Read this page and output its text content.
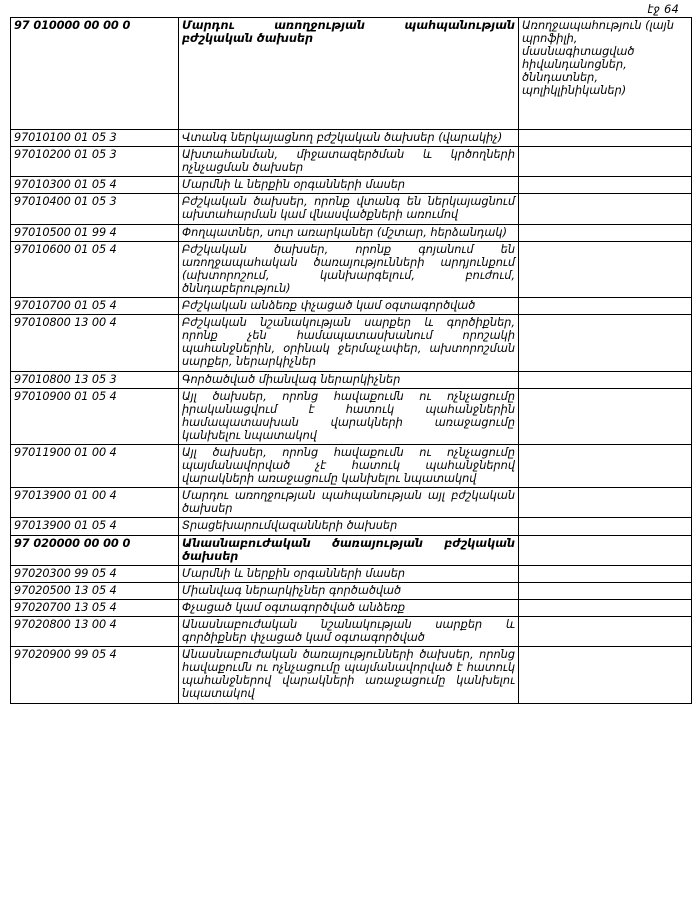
էջ 64
97 010000 00 00 0	Մարդու առողջության պահպանության բժշկական ծախսեր	Առողջապահություն (լայն պրոֆիլի, մասնագիտացված հիվանդանոցներ, ծննդատներ, պոլիկլինիկաներ)
97010100 01 05 3	Վտանգ ներկայացնող բժշկական ծախսեր (վարակիչ)	
97010200 01 05 3	Ախտահանման, միջատազերծման և կրծողների ոչնչացման ծախսեր	
97010300 01 05 4	Մարմնի և ներքին օրգանների մասեր	
97010400 01 05 3	Բժշկական ծախսեր, որոնք վտանգ են ներկայացնում ախտահարման կամ վնասվածքների առումով	
97010500 01 99 4	Փողպատներ, սուր առարկաներ (մշտար, հերձանդակ)	
97010600 01 05 4	Բժշկական ծախսեր, որոնք գոյանում են առողջապահական ծառայությունների արդյունքում (ախտորոշում, կանխարգելում, բուժում, ծննդաբերություն)	
97010700 01 05 4	Բժշկական անձեռք փչացած կամ օգտագործված	
97010800 13 00 4	Բժշկական նշանակության սարքեր և գործիքներ, որոնք չեն համապատասխանում որոշակի պահանջներին, օրինակ ջերմաչափեր, ախտորոշման սարքեր, ներարկիչներ	
97010800 13 05 3	Գործածված միանվագ ներարկիչներ	
97010900 01 05 4	Այլ ծախսեր, որոնց հավաքումն ու ոչնչացումը իրականացվում է հատուկ պահանջներին համապատասխան վարակների առաջացումը կանխելու նպատակով	
97011900 01 00 4	Այլ ծախսեր, որոնց հավաքումն ու ոչնչացումը պայմանավորված չէ հատուկ պահանջներով վարակների առաջացումը կանխելու նպատակով	
97013900 01 00 4	Մարդու առողջության պահպանության այլ բժշկական ծախսեր	
97013900 01 05 4	Տրացեխարումվազանների ծախսեր	
97 020000 00 00 0	Անասնաբուժական ծառայության բժշկական ծախսեր	
97020300 99 05 4	Մարմնի և ներքին օրգանների մասեր	
97020500 13 05 4	Միանվագ ներարկիչներ գործածված	
97020700 13 05 4	Փչացած կամ օգտագործված անձեռք	
97020800 13 00 4	Անասնաբուժական նշանակության սարքեր և գործիքներ փչացած կամ օգտագործված	
97020900 99 05 4	Անասնաբուժական ծառայությունների ծախսեր, որոնց հավաքումն ու ոչնչացումը պայմանավորված է հատուկ պահանջներով վարակների առաջացումը կանխելու նպատակով	
